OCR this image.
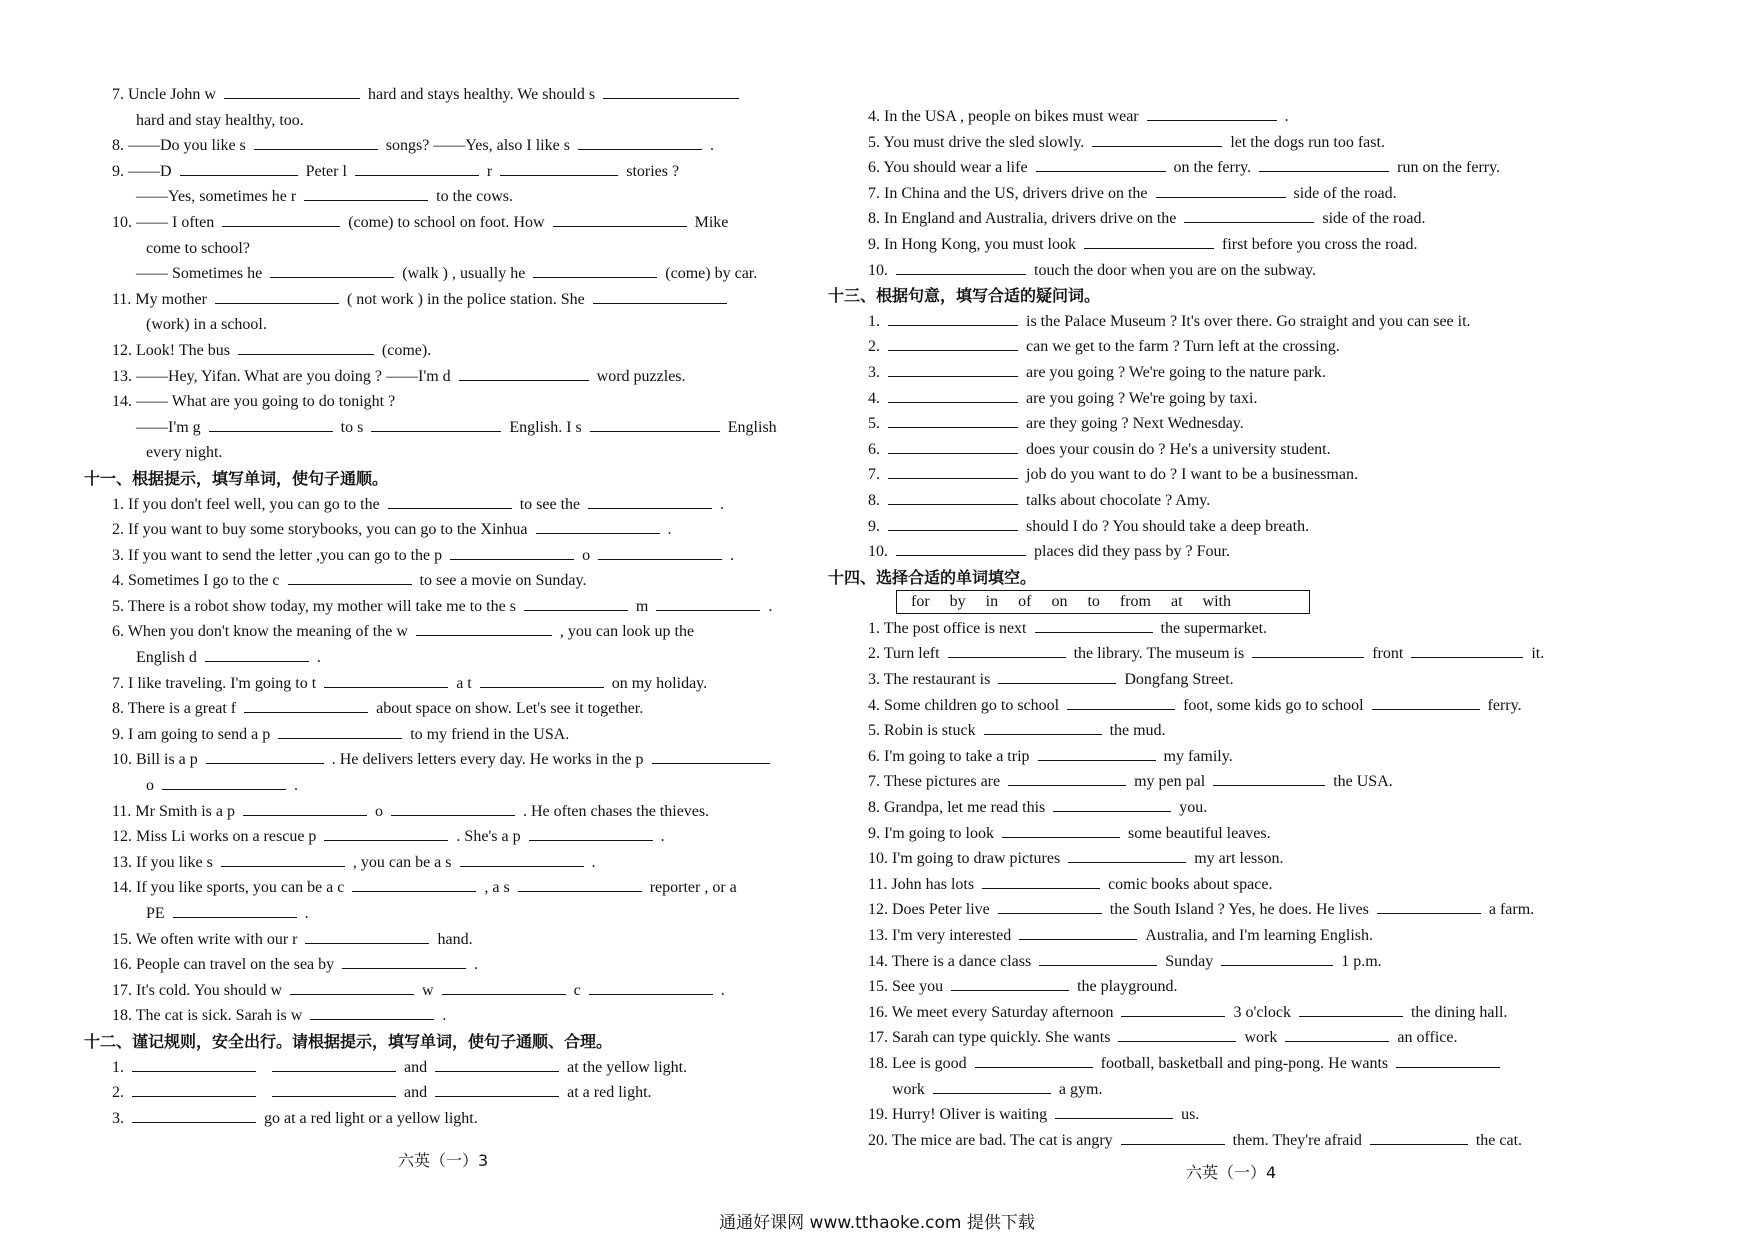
7. Uncle John w	hard and stays healthy. We should s
hard and stay healthy, too.
8. ——Do you like s	songs? ——Yes, also I like s	.
9. ——D	Peter l	r	stories ?
——Yes, sometimes he r	to the cows.
10. —— I often	(come) to school on foot. How	Mike
come to school?
—— Sometimes he	(walk ) , usually he	(come) by car.
11. My mother	( not work ) in the police station. She
(work) in a school.
12. Look! The bus	(come).
13. ——Hey, Yifan. What are you doing ? ——I'm d	word puzzles.
14. —— What are you going to do tonight ?
——I'm g	to s	English. I s	English
every night.
十一、根据提示，填写单词，使句子通顺。
1. If you don't feel well, you can go to the	to see the	.
2. If you want to buy some storybooks, you can go to the Xinhua	.
3. If you want to send the letter ,you can go to the p	o	.
4. Sometimes I go to the c	to see a movie on Sunday.
5. There is a robot show today, my mother will take me to the s	m	.
6. When you don't know the meaning of the w	, you can look up the
English d	.
7. I like traveling. I'm going to t	a t	on my holiday.
8. There is a great f	about space on show. Let's see it together.
9. I am going to send a p	to my friend in the USA.
10. Bill is a p	. He delivers letters every day. He works in the p
o	.
11. Mr Smith is a p	o	. He often chases the thieves.
12. Miss Li works on a rescue p	. She's a p	.
13. If you like s	, you can be a s	.
14. If you like sports, you can be a c	, a s	reporter , or a
PE	.
15. We often write with our r	hand.
16. People can travel on the sea by	.
17. It's cold. You should w	w	c	.
18. The cat is sick. Sarah is w	.
十二、谨记规则，安全出行。请根据提示，填写单词，使句子通顺、合理。
1.	and	at the yellow light.
2.	and	at a red light.
3.	go at a red light or a yellow light.
4. In the USA , people on bikes must wear	.
5. You must drive the sled slowly.	let the dogs run too fast.
6. You should wear a life	on the ferry.	run on the ferry.
7. In China and the US, drivers drive on the	side of the road.
8. In England and Australia, drivers drive on the	side of the road.
9. In Hong Kong, you must look	first before you cross the road.
10.	touch the door when you are on the subway.
十三、根据句意，填写合适的疑问词。
1.	is the Palace Museum ? It's over there. Go straight and you can see it.
2.	can we get to the farm ? Turn left at the crossing.
3.	are you going ? We're going to the nature park.
4.	are you going ? We're going by taxi.
5.	are they going ? Next Wednesday.
6.	does your cousin do ? He's a university student.
7.	job do you want to do ? I want to be a businessman.
8.	talks about chocolate ? Amy.
9.	should I do ? You should take a deep breath.
10.	places did they pass by ? Four.
十四、选择合适的单词填空。
for by in of on to from at with
1. The post office is next	the supermarket.
2. Turn left	the library. The museum is	front	it.
3. The restaurant is	Dongfang Street.
4. Some children go to school	foot, some kids go to school	ferry.
5. Robin is stuck	the mud.
6. I'm going to take a trip	my family.
7. These pictures are	my pen pal	the USA.
8. Grandpa, let me read this	you.
9. I'm going to look	some beautiful leaves.
10. I'm going to draw pictures	my art lesson.
11. John has lots	comic books about space.
12. Does Peter live	the South Island ? Yes, he does. He lives	a farm.
13. I'm very interested	Australia, and I'm learning English.
14. There is a dance class	Sunday	1 p.m.
15. See you	the playground.
16. We meet every Saturday afternoon	3 o'clock	the dining hall.
17. Sarah can type quickly. She wants	work	an office.
18. Lee is good	football, basketball and ping-pong. He wants
work	a gym.
19. Hurry! Oliver is waiting	us.
20. The mice are bad. The cat is angry	them. They're afraid	the cat.
六英（一）3
六英（一）4
通通好课网 www.tthaoke.com 提供下载
